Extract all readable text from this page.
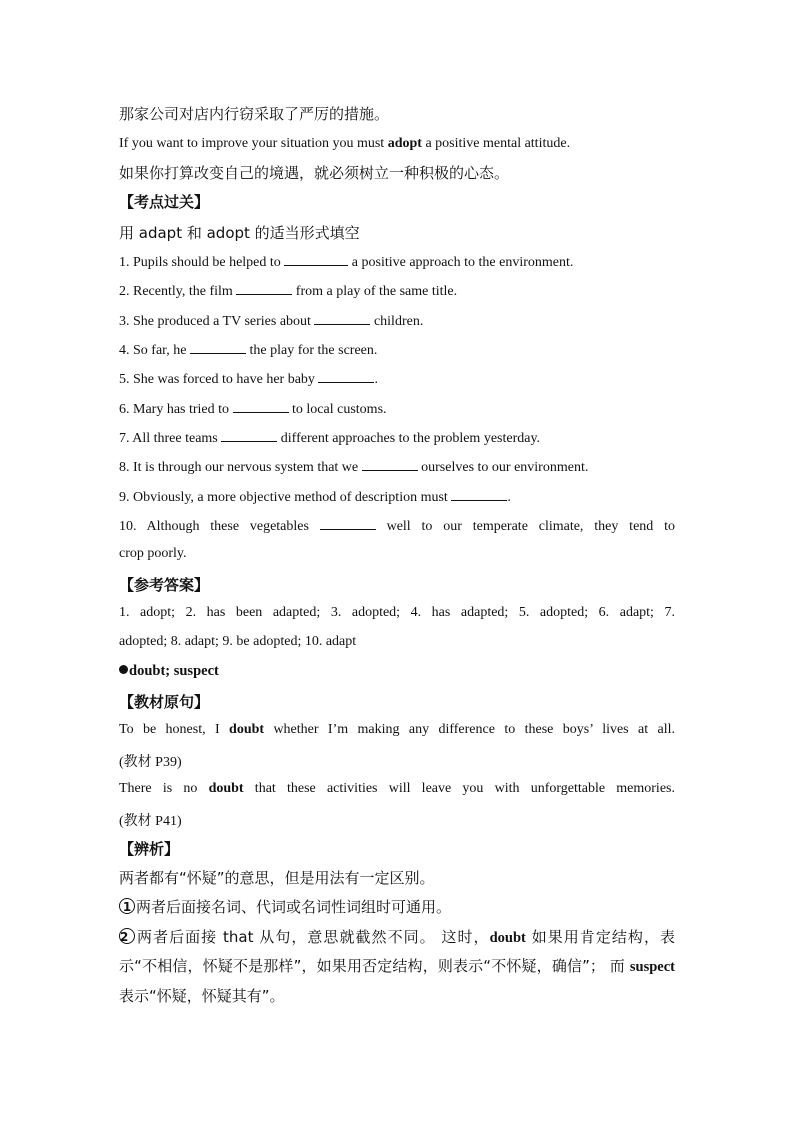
那家公司对店内行窃采取了严厉的措施。
If you want to improve your situation you must adopt a positive mental attitude.
如果你打算改变自己的境遇，就必须树立一种积极的心态。
【考点过关】
用 adapt 和 adopt 的适当形式填空
1. Pupils should be helped to	a positive approach to the environment.
2. Recently, the film	from a play of the same title.
3. She produced a TV series about	children.
4. So far, he	the play for the screen.
5. She was forced to have her baby	.
6. Mary has tried to	to local customs.
7. All three teams	different approaches to the problem yesterday.
8. It is through our nervous system that we	ourselves to our environment.
9. Obviously, a more objective method of description must	.
10. Although these vegetables	well to our temperate climate, they tend to
crop poorly.
【参考答案】
1. adopt; 2. has been adapted; 3. adopted; 4. has adapted; 5. adopted; 6. adapt; 7.
adopted; 8. adapt; 9. be adopted; 10. adapt
doubt; suspect
【教材原句】
To be honest, I doubt whether I’m making any difference to these boys’ lives at all.
(教材 P39)
There is no doubt that these activities will leave you with unforgettable memories.
(教材 P41)
【辨析】
两者都有“怀疑”的意思，但是用法有一定区别。
1 两者后面接名词、代词或名词性词组时可通用。
2 两者后面接 that 从句，意思就截然不同。 这时，doubt 如果用肯定结构，表
示“不相信，怀疑不是那样”，如果用否定结构，则表示“不怀疑，确信”； 而 suspect
表示“怀疑，怀疑其有”。
